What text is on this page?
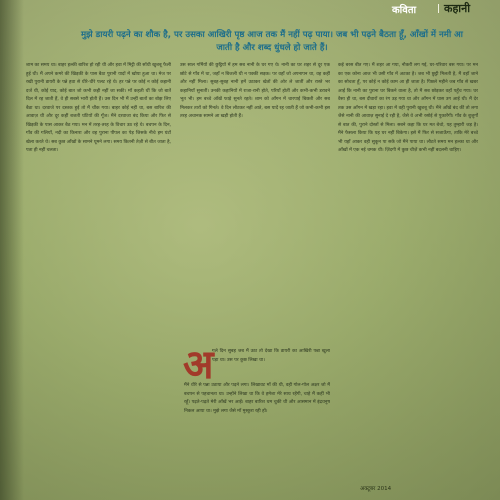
कविता	कहानी
मुझे डायरी पढ़ने का शौक है, पर उसका आखिरी पृष्ठ आज तक मैं नहीं पढ़ पाया। जब भी पढ़ने बैठता हूँ, आँखों में नमी आ जाती है और शब्द धुंधले हो जाते हैं।

शाम का समय था। बाहर हल्की बारिश हो रही थी और हवा में मिट्टी की सोंधी खुशबू फैली हुई थी। मैं अपने कमरे की खिड़की के पास बैठा पुरानी यादों में खोया हुआ था। मेज पर रखी पुरानी डायरी के पन्ने हवा से धीरे-धीरे पलट रहे थे। हर पन्ने पर कोई न कोई कहानी दर्ज थी, कोई याद, कोई बात जो कभी कही नहीं जा सकी। माँ कहती थीं कि जो बातें दिल में रह जाती हैं, वे ही सबसे भारी होती हैं। उस दिन भी मैं उन्हीं बातों का बोझ लिए बैठा था। दरवाजे पर दस्तक हुई तो मैं चौंक गया। बाहर कोई नहीं था, बस बारिश की आवाज़ थी और दूर कहीं बजती घंटियों की गूँज। मैंने दरवाजा बंद किया और फिर से खिड़की के पास आकर बैठ गया। मन में तरह-तरह के विचार उठ रहे थे। बचपन के दिन, गाँव की गलियाँ, नदी का किनारा और वह पुराना पीपल का पेड़ जिसके नीचे हम घंटों खेला करते थे। सब कुछ आँखों के सामने घूमने लगा। समय कितनी तेज़ी से बीत जाता है, पता ही नहीं चलता।

उस साल गर्मियों की छुट्टियों में हम सब नानी के घर गए थे। नानी का घर शहर से दूर एक छोटे से गाँव में था, जहाँ न बिजली थी न पक्की सड़क। पर वहाँ जो अपनापन था, वह कहीं और नहीं मिला। सुबह-सुबह नानी हमें उठाकर खेतों की ओर ले जातीं और रास्ते भर कहानियाँ सुनातीं। उनकी कहानियों में राजा-रानी होते, परियाँ होतीं और कभी-कभी डरावने भूत भी। हम बच्चे आँखें फाड़े सुनते रहते। शाम को आँगन में चारपाई बिछती और सब मिलकर तारों को गिनते। वे दिन लौटकर नहीं आते, बस यादें रह जाती हैं जो कभी-कभी इस तरह अचानक सामने आ खड़ी होती हैं।

अ

गले दिन सुबह जब मैं उठा तो देखा कि डायरी का आखिरी पन्ना खुला पड़ा था। उस पर कुछ लिखा था।

मैंने धीरे से पन्ना उठाया और पढ़ने लगा। लिखावट माँ की थी, वही गोल-गोल अक्षर जो मैं बचपन से पहचानता था। उन्होंने लिखा था कि वे हमेशा मेरे साथ रहेंगी, चाहे मैं कहीं भी रहूँ। पढ़ते-पढ़ते मेरी आँखें भर आईं। बाहर बारिश थम चुकी थी और आसमान में इंद्रधनुष निकल आया था। मुझे लगा जैसे माँ मुस्कुरा रही हों।

कई बरस बीत गए। मैं शहर आ गया, नौकरी लग गई, घर-परिवार बस गया। पर मन का एक कोना आज भी उसी गाँव में अटका है। जब भी छुट्टी मिलती है, मैं वहाँ जाने का सोचता हूँ, पर कोई न कोई काम आ ही जाता है। पिछले महीने जब गाँव से खबर आई कि नानी का पुराना घर बिकने वाला है, तो मैं सब छोड़कर वहाँ पहुँच गया। घर वैसा ही था, बस दीवारों का रंग उड़ गया था और आँगन में घास उग आई थी। मैं देर तक उस आँगन में खड़ा रहा। हवा में वही पुरानी खुशबू थी। मैंने आँखें बंद कीं तो लगा जैसे नानी की आवाज़ सुनाई दे रही है, जैसे वे अभी रसोई से पुकारेंगी। गाँव के बुजुर्गों से बात की, पुराने दोस्तों से मिला। सबने कहा कि घर मत बेचो, यह तुम्हारी जड़ है। मैंने फैसला किया कि यह घर नहीं बिकेगा। इसे मैं फिर से सजाऊँगा, ताकि मेरे बच्चे भी यहाँ आकर वही सुकून पा सकें जो मैंने पाया था। लौटते समय मन हल्का था और आँखों में एक नई चमक थी। ज़िंदगी में कुछ चीज़ें कभी नहीं बदलनी चाहिए।

अक्टूबर 2014
